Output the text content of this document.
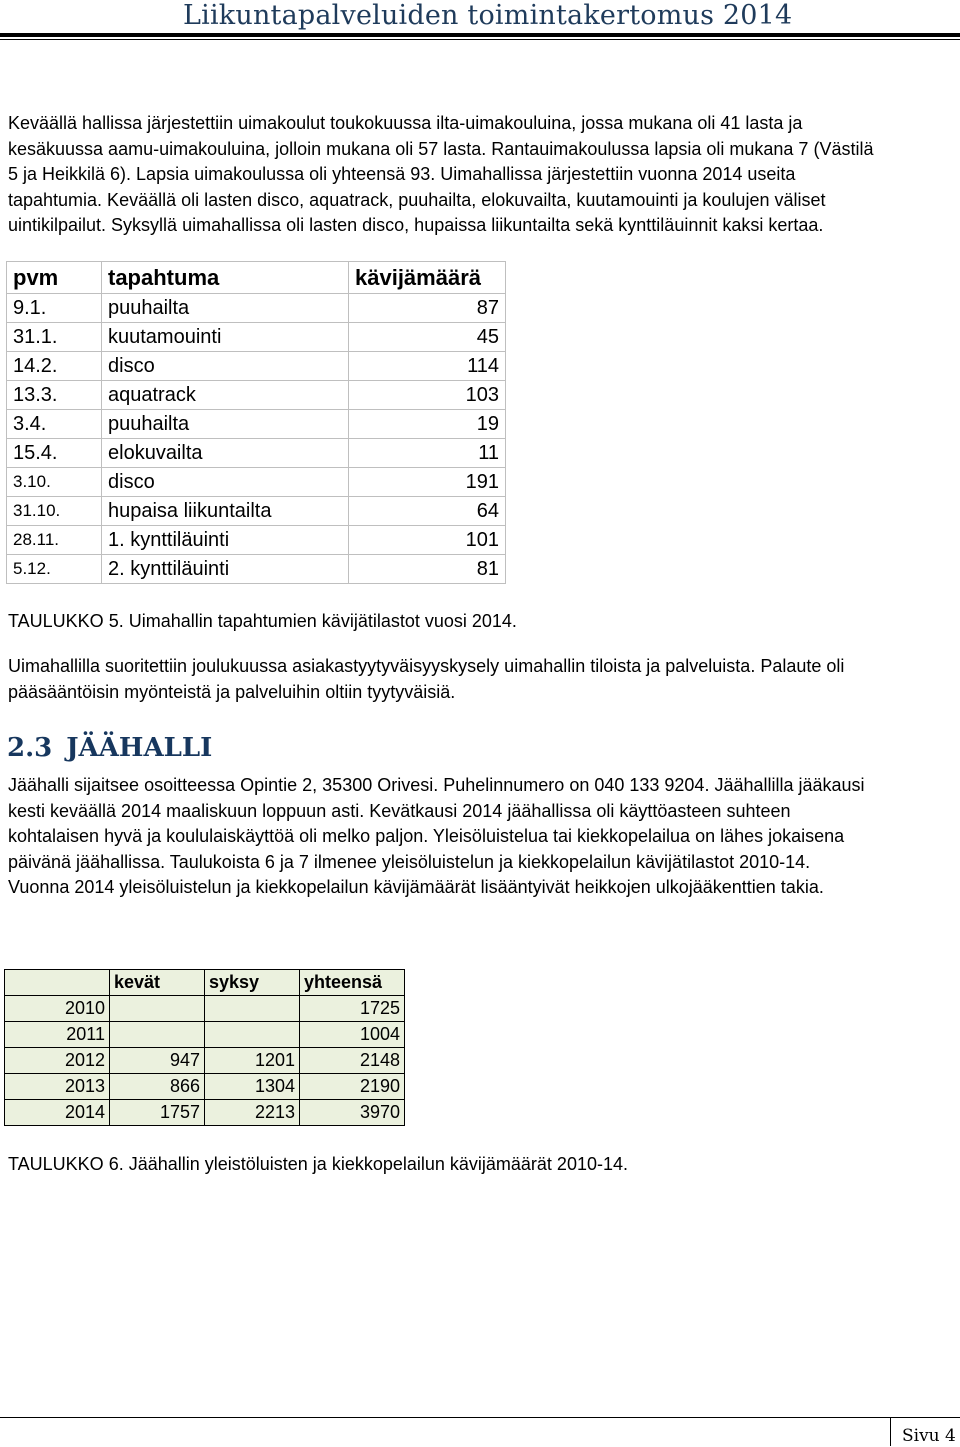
Liikuntapalveluiden toimintakertomus 2014
Keväällä hallissa järjestettiin uimakoulut toukokuussa ilta-uimakouluina, jossa mukana oli 41 lasta ja
kesäkuussa aamu-uimakouluina, jolloin mukana oli 57 lasta. Rantauimakoulussa lapsia oli mukana 7 (Västilä
5 ja Heikkilä 6). Lapsia uimakoulussa oli yhteensä 93. Uimahallissa järjestettiin vuonna 2014 useita
tapahtumia. Keväällä oli lasten disco, aquatrack, puuhailta, elokuvailta, kuutamouinti ja koulujen väliset
uintikilpailut. Syksyllä uimahallissa oli lasten disco, hupaissa liikuntailta sekä kynttiläuinnit kaksi kertaa.
pvm	tapahtuma	kävijämäärä
9.1.	puuhailta	87
31.1.	kuutamouinti	45
14.2.	disco	114
13.3.	aquatrack	103
3.4.	puuhailta	19
15.4.	elokuvailta	11
3.10.	disco	191
31.10.	hupaisa liikuntailta	64
28.11.	1. kynttiläuinti	101
5.12.	2. kynttiläuinti	81
TAULUKKO 5. Uimahallin tapahtumien kävijätilastot vuosi 2014.
Uimahallilla suoritettiin joulukuussa asiakastyytyväisyyskysely uimahallin tiloista ja palveluista. Palaute oli
pääsääntöisin myönteistä ja palveluihin oltiin tyytyväisiä.
2.3 JÄÄHALLI
Jäähalli sijaitsee osoitteessa Opintie 2, 35300 Orivesi. Puhelinnumero on 040 133 9204. Jäähallilla jääkausi
kesti keväällä 2014 maaliskuun loppuun asti. Kevätkausi 2014 jäähallissa oli käyttöasteen suhteen
kohtalaisen hyvä ja koululaiskäyttöä oli melko paljon. Yleisöluistelua tai kiekkopelailua on lähes jokaisena
päivänä jäähallissa. Taulukoista 6 ja 7 ilmenee yleisöluistelun ja kiekkopelailun kävijätilastot 2010-14.
Vuonna 2014 yleisöluistelun ja kiekkopelailun kävijämäärät lisääntyivät heikkojen ulkojääkenttien takia.
	kevät	syksy	yhteensä
2010			1725
2011			1004
2012	947	1201	2148
2013	866	1304	2190
2014	1757	2213	3970
TAULUKKO 6. Jäähallin yleistöluisten ja kiekkopelailun kävijämäärät 2010-14.
Sivu 4
